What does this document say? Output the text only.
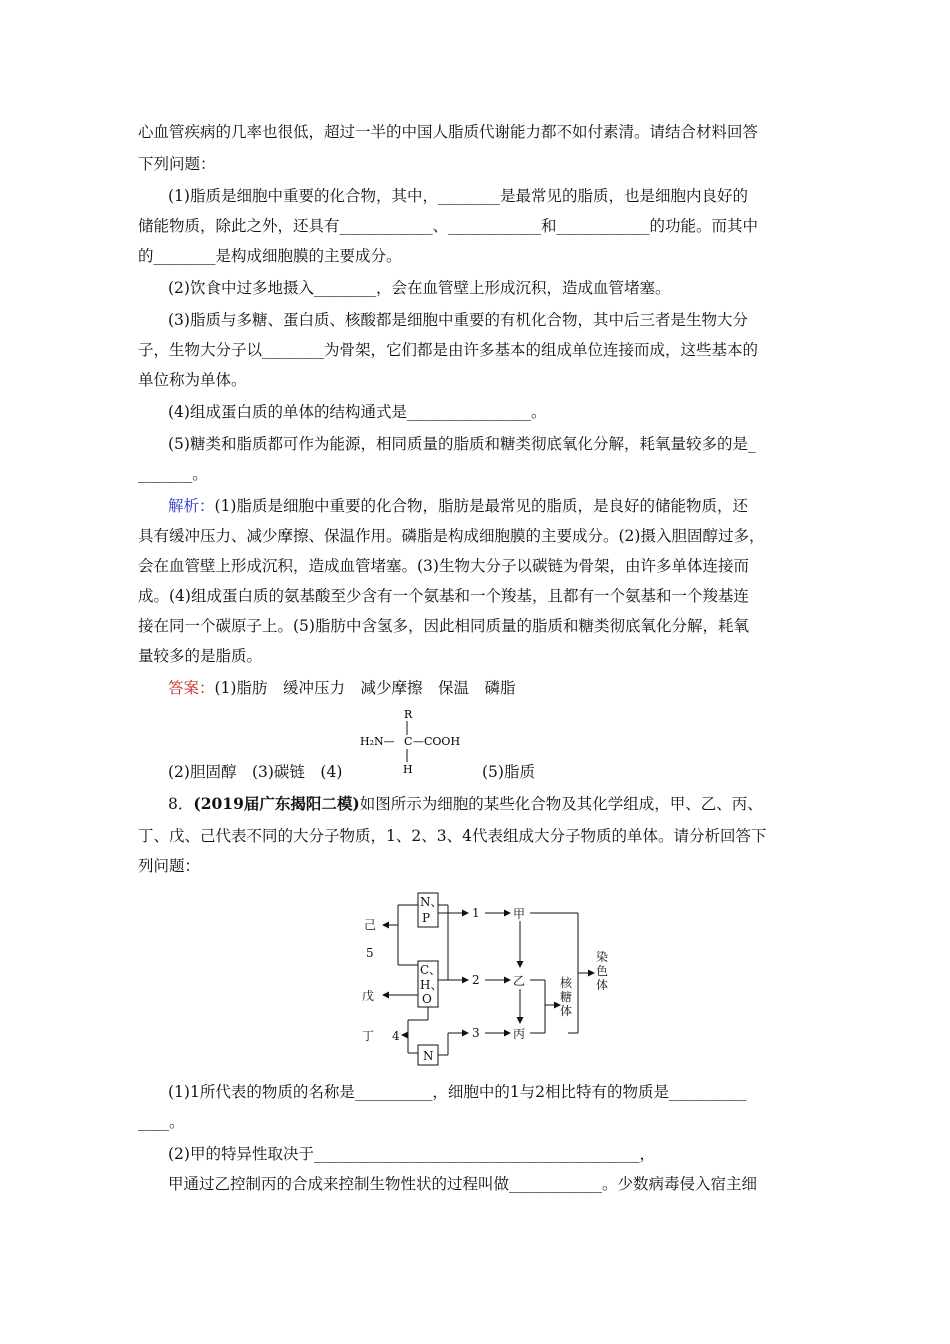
心血管疾病的几率也很低，超过一半的中国人脂质代谢能力都不如付素清。请结合材料回答
下列问题：
(1)脂质是细胞中重要的化合物，其中，________是最常见的脂质，也是细胞内良好的
储能物质，除此之外，还具有____________、____________和____________的功能。而其中
的________是构成细胞膜的主要成分。
(2)饮食中过多地摄入________，会在血管壁上形成沉积，造成血管堵塞。
(3)脂质与多糖、蛋白质、核酸都是细胞中重要的有机化合物，其中后三者是生物大分
子，生物大分子以________为骨架，它们都是由许多基本的组成单位连接而成，这些基本的
单位称为单体。
(4)组成蛋白质的单体的结构通式是________________。
(5)糖类和脂质都可作为能源，相同质量的脂质和糖类彻底氧化分解，耗氧量较多的是_
_______。
解析：(1)脂质是细胞中重要的化合物，脂肪是最常见的脂质，是良好的储能物质，还
具有缓冲压力、减少摩擦、保温作用。磷脂是构成细胞膜的主要成分。(2)摄入胆固醇过多，
会在血管壁上形成沉积，造成血管堵塞。(3)生物大分子以碳链为骨架，由许多单体连接而
成。(4)组成蛋白质的氨基酸至少含有一个氨基和一个羧基，且都有一个氨基和一个羧基连
接在同一个碳原子上。(5)脂肪中含氢多，因此相同质量的脂质和糖类彻底氧化分解，耗氧
量较多的是脂质。
答案：(1)脂肪　缓冲压力　减少摩擦　保温　磷脂
R
H₂N— C —COOH
H
(2)胆固醇　(3)碳链　(4)	(5)脂质
8．(2019届广东揭阳二模)如图所示为细胞的某些化合物及其化学组成，甲、乙、丙、
丁、戊、己代表不同的大分子物质，1、2、3、4代表组成大分子物质的单体。请分析回答下
列问题：
N、
P
C、
H、
O
N
己
5
戊
丁 4
1
2
3
甲
乙
丙
核
糖
体
染
色
体
(1)1所代表的物质的名称是__________，细胞中的1与2相比特有的物质是__________
____。
(2)甲的特异性取决于__________________________________________，
甲通过乙控制丙的合成来控制生物性状的过程叫做____________。少数病毒侵入宿主细
